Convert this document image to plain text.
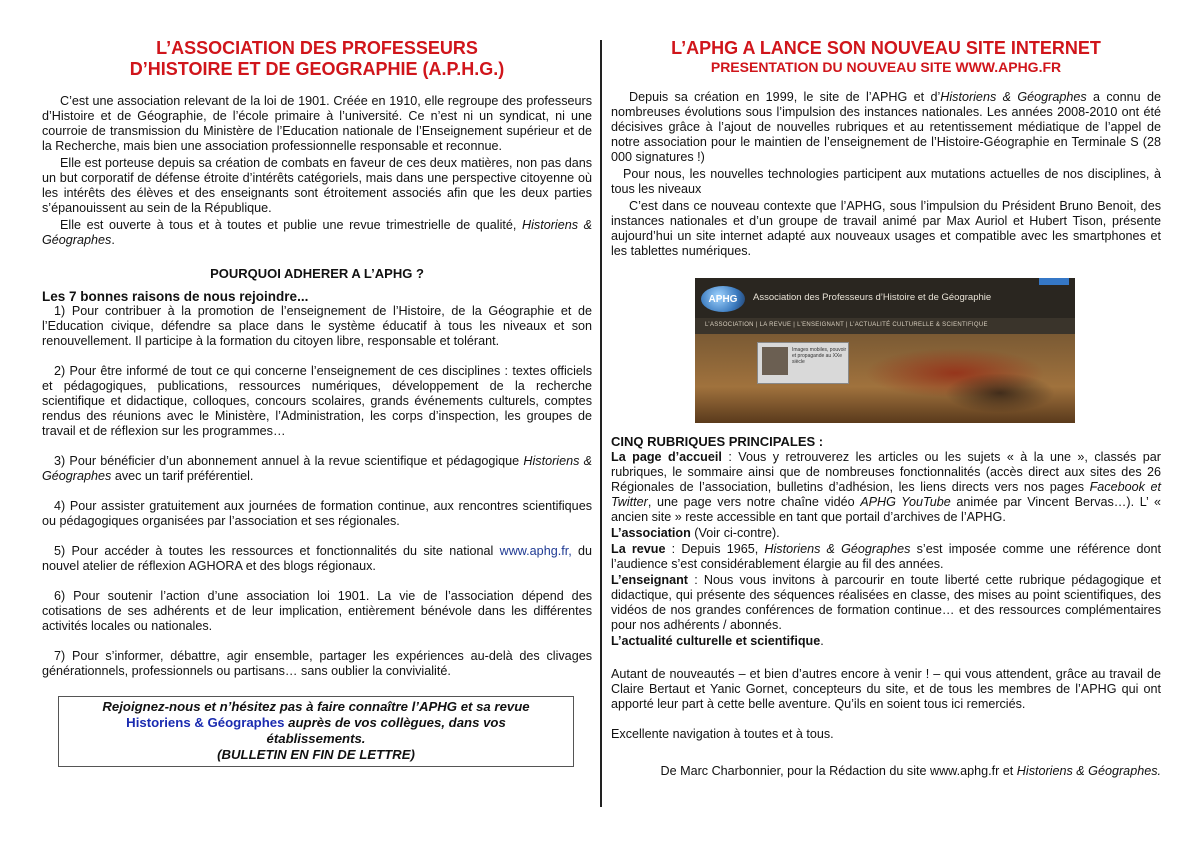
L’ASSOCIATION DES PROFESSEURS
D’HISTOIRE ET DE GEOGRAPHIE (A.P.H.G.)

C’est une association relevant de la loi de 1901. Créée en 1910, elle regroupe des professeurs d’Histoire et de Géographie, de l’école primaire à l’université. Ce n’est ni un syndicat, ni une courroie de transmission du Ministère de l’Education nationale de l’Enseignement supérieur et de la Recherche, mais bien une association professionnelle responsable et reconnue.

Elle est porteuse depuis sa création de combats en faveur de ces deux matières, non pas dans un but corporatif de défense étroite d’intérêts catégoriels, mais dans une perspective citoyenne où les intérêts des élèves et des enseignants sont étroitement associés afin que les deux parties s’épanouissent au sein de la République.

Elle est ouverte à tous et à toutes et publie une revue trimestrielle de qualité, Historiens & Géographes.

POURQUOI ADHERER A L’APHG ?

Les 7 bonnes raisons de nous rejoindre...

1) Pour contribuer à la promotion de l’enseignement de l’Histoire, de la Géographie et de l’Education civique, défendre sa place dans le système éducatif à tous les niveaux et son renouvellement. Il participe à la formation du citoyen libre, responsable et tolérant.

2) Pour être informé de tout ce qui concerne l’enseignement de ces disciplines : textes officiels et pédagogiques, publications, ressources numériques, développement de la recherche scientifique et didactique, colloques, concours scolaires, grands événements culturels, comptes rendus des réunions avec le Ministère, l’Administration, les corps d’inspection, les groupes de travail et de réflexion sur les programmes…

3) Pour bénéficier d’un abonnement annuel à la revue scientifique et pédagogique Historiens & Géographes avec un tarif préférentiel.

4) Pour assister gratuitement aux journées de formation continue, aux rencontres scientifiques ou pédagogiques organisées par l’association et ses régionales.

5) Pour accéder à toutes les ressources et fonctionnalités du site national www.aphg.fr, du nouvel atelier de réflexion AGHORA et des blogs régionaux.

6) Pour soutenir l’action d’une association loi 1901. La vie de l’association dépend des cotisations de ses adhérents et de leur implication, entièrement bénévole dans les différentes activités locales ou nationales.

7) Pour s’informer, débattre, agir ensemble, partager les expériences au-delà des clivages générationnels, professionnels ou partisans… sans oublier la convivialité.

Rejoignez-nous et n’hésitez pas à faire connaître l’APHG et sa revue
Historiens & Géographes auprès de vos collègues, dans vos
établissements.
(BULLETIN EN FIN DE LETTRE)
L’APHG A LANCE SON NOUVEAU SITE INTERNET
PRESENTATION DU NOUVEAU SITE WWW.APHG.FR

Depuis sa création en 1999, le site de l’APHG et d’Historiens & Géographes a connu de nombreuses évolutions sous l’impulsion des instances nationales. Les années 2008-2010 ont été décisives grâce à l’ajout de nouvelles rubriques et au retentissement médiatique de l’appel de notre association pour le maintien de l’enseignement de l’Histoire-Géographie en Terminale S (28 000 signatures !)

Pour nous, les nouvelles technologies participent aux mutations actuelles de nos disciplines, à tous les niveaux

C’est dans ce nouveau contexte que l’APHG, sous l’impulsion du Président Bruno Benoit, des instances nationales et d’un groupe de travail animé par Max Auriol et Hubert Tison, présente aujourd’hui un site internet adapté aux nouveaux usages et compatible avec les smartphones et les tablettes numériques.

APHG	Association des Professeurs d’Histoire et de Géographie
L’ASSOCIATION | LA REVUE | L’ENSEIGNANT | L’ACTUALITÉ CULTURELLE & SCIENTIFIQUE
Images mobiles, pouvoir et propagande au XXe siècle

CINQ RUBRIQUES PRINCIPALES :

La page d’accueil : Vous y retrouverez les articles ou les sujets « à la une », classés par rubriques, le sommaire ainsi que de nombreuses fonctionnalités (accès direct aux sites des 26 Régionales de l’association, bulletins d’adhésion, les liens directs vers nos pages Facebook et Twitter, une page vers notre chaîne vidéo APHG YouTube animée par Vincent Bervas…). L’ « ancien site » reste accessible en tant que portail d’archives de l’APHG.

L’association (Voir ci-contre).

La revue : Depuis 1965, Historiens & Géographes s’est imposée comme une référence dont l’audience s’est considérablement élargie au fil des années.

L’enseignant : Nous vous invitons à parcourir en toute liberté cette rubrique pédagogique et didactique, qui présente des séquences réalisées en classe, des mises au point scientifiques, des vidéos de nos grandes conférences de formation continue… et des ressources complémentaires pour nos adhérents / abonnés.

L’actualité culturelle et scientifique.

Autant de nouveautés – et bien d’autres encore à venir ! – qui vous attendent, grâce au travail de Claire Bertaut et Yanic Gornet, concepteurs du site, et de tous les membres de l’APHG qui ont apporté leur part à cette belle aventure. Qu’ils en soient tous ici remerciés.

Excellente navigation à toutes et à tous.

De Marc Charbonnier, pour la Rédaction du site www.aphg.fr et Historiens & Géographes.
